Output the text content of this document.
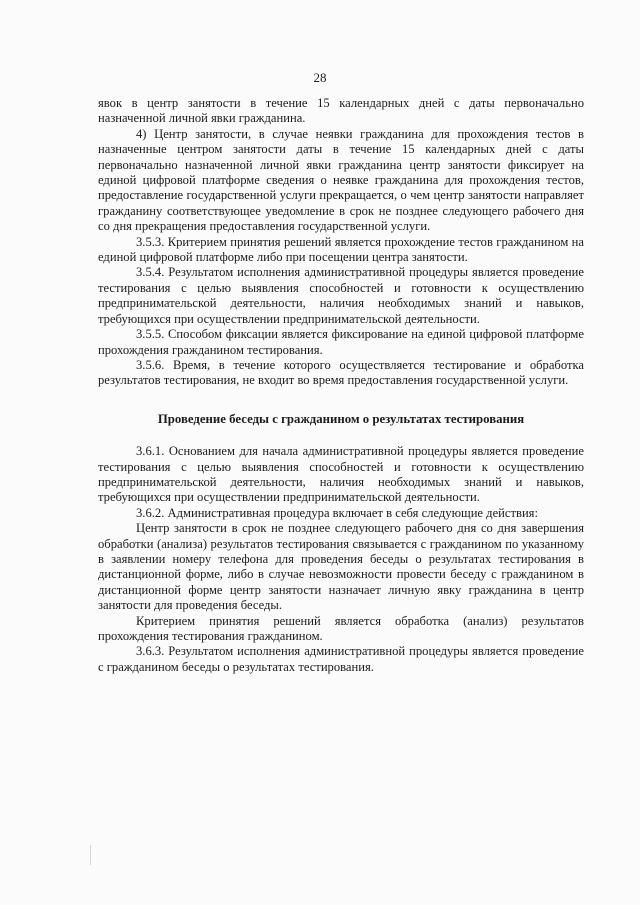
28

явок в центр занятости в течение 15 календарных дней с даты первоначально назначенной личной явки гражданина.

4) Центр занятости, в случае неявки гражданина для прохождения тестов в назначенные центром занятости даты в течение 15 календарных дней с даты первоначально назначенной личной явки гражданина центр занятости фиксирует на единой цифровой платформе сведения о неявке гражданина для прохождения тестов, предоставление государственной услуги прекращается, о чем центр занятости направляет гражданину соответствующее уведомление в срок не позднее следующего рабочего дня со дня прекращения предоставления государственной услуги.

3.5.3. Критерием принятия решений является прохождение тестов гражданином на единой цифровой платформе либо при посещении центра занятости.

3.5.4. Результатом исполнения административной процедуры является проведение тестирования с целью выявления способностей и готовности к осуществлению предпринимательской деятельности, наличия необходимых знаний и навыков, требующихся при осуществлении предпринимательской деятельности.

3.5.5. Способом фиксации является фиксирование на единой цифровой платформе прохождения гражданином тестирования.

3.5.6. Время, в течение которого осуществляется тестирование и обработка результатов тестирования, не входит во время предоставления государственной услуги.

Проведение беседы с гражданином о результатах тестирования

3.6.1. Основанием для начала административной процедуры является проведение тестирования с целью выявления способностей и готовности к осуществлению предпринимательской деятельности, наличия необходимых знаний и навыков, требующихся при осуществлении предпринимательской деятельности.

3.6.2. Административная процедура включает в себя следующие действия:

Центр занятости в срок не позднее следующего рабочего дня со дня завершения обработки (анализа) результатов тестирования связывается с гражданином по указанному в заявлении номеру телефона для проведения беседы о результатах тестирования в дистанционной форме, либо в случае невозможности провести беседу с гражданином в дистанционной форме центр занятости назначает личную явку гражданина в центр занятости для проведения беседы.

Критерием принятия решений является обработка (анализ) результатов прохождения тестирования гражданином.

3.6.3. Результатом исполнения административной процедуры является проведение с гражданином беседы о результатах тестирования.
